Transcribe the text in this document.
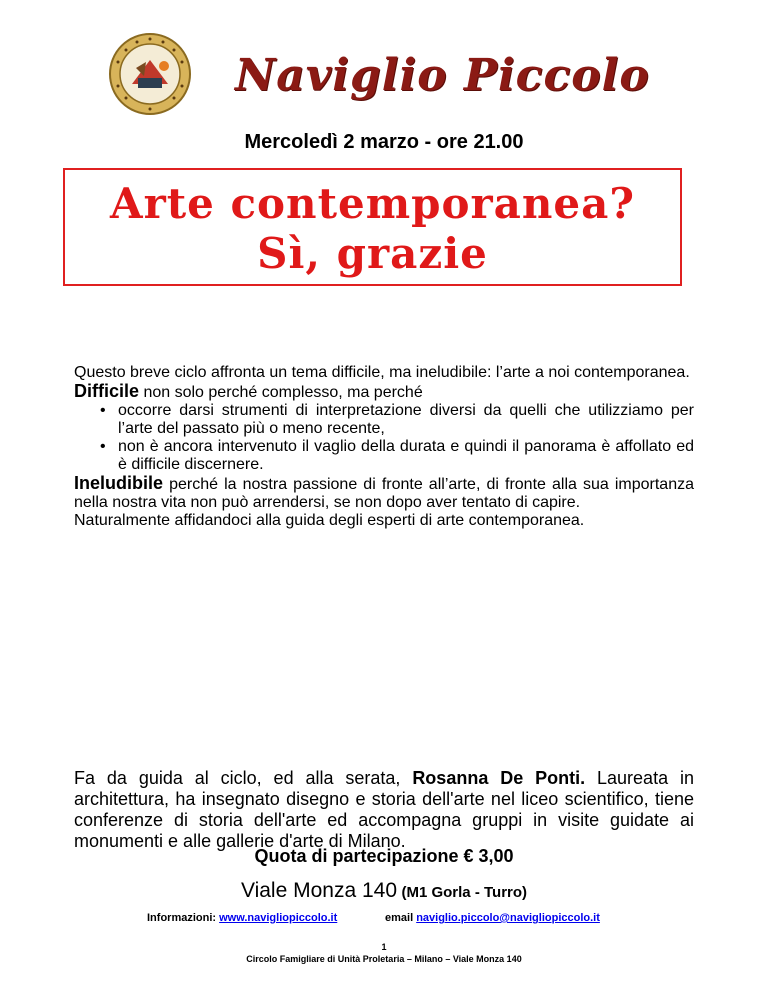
Naviglio Piccolo
Mercoledì 2 marzo - ore 21.00
Arte contemporanea?
Sì, grazie
Questo breve ciclo affronta un tema difficile, ma ineludibile: l’arte a noi contemporanea.
Difficile non solo perché complesso, ma perché
• occorre darsi strumenti di interpretazione diversi da quelli che utilizziamo per l’arte del passato più o meno recente,
• non è ancora intervenuto il vaglio della durata e quindi il panorama è affollato ed è difficile discernere.
Ineludibile perché la nostra passione di fronte all’arte, di fronte alla sua importanza nella nostra vita non può arrendersi, se non dopo aver tentato di capire.
Naturalmente affidandoci alla guida degli esperti di arte contemporanea.
Fa da guida al ciclo, ed alla serata, Rosanna De Ponti. Laureata in architettura, ha insegnato disegno e storia dell'arte nel liceo scientifico, tiene conferenze di storia dell'arte ed accompagna gruppi in visite guidate ai monumenti e alle gallerie d'arte di Milano.
Quota di partecipazione € 3,00
Viale Monza 140 (M1 Gorla - Turro)
Informazioni: www.navigliopiccolo.it	email naviglio.piccolo@navigliopiccolo.it
1
Circolo Famigliare di Unità Proletaria – Milano – Viale Monza 140
